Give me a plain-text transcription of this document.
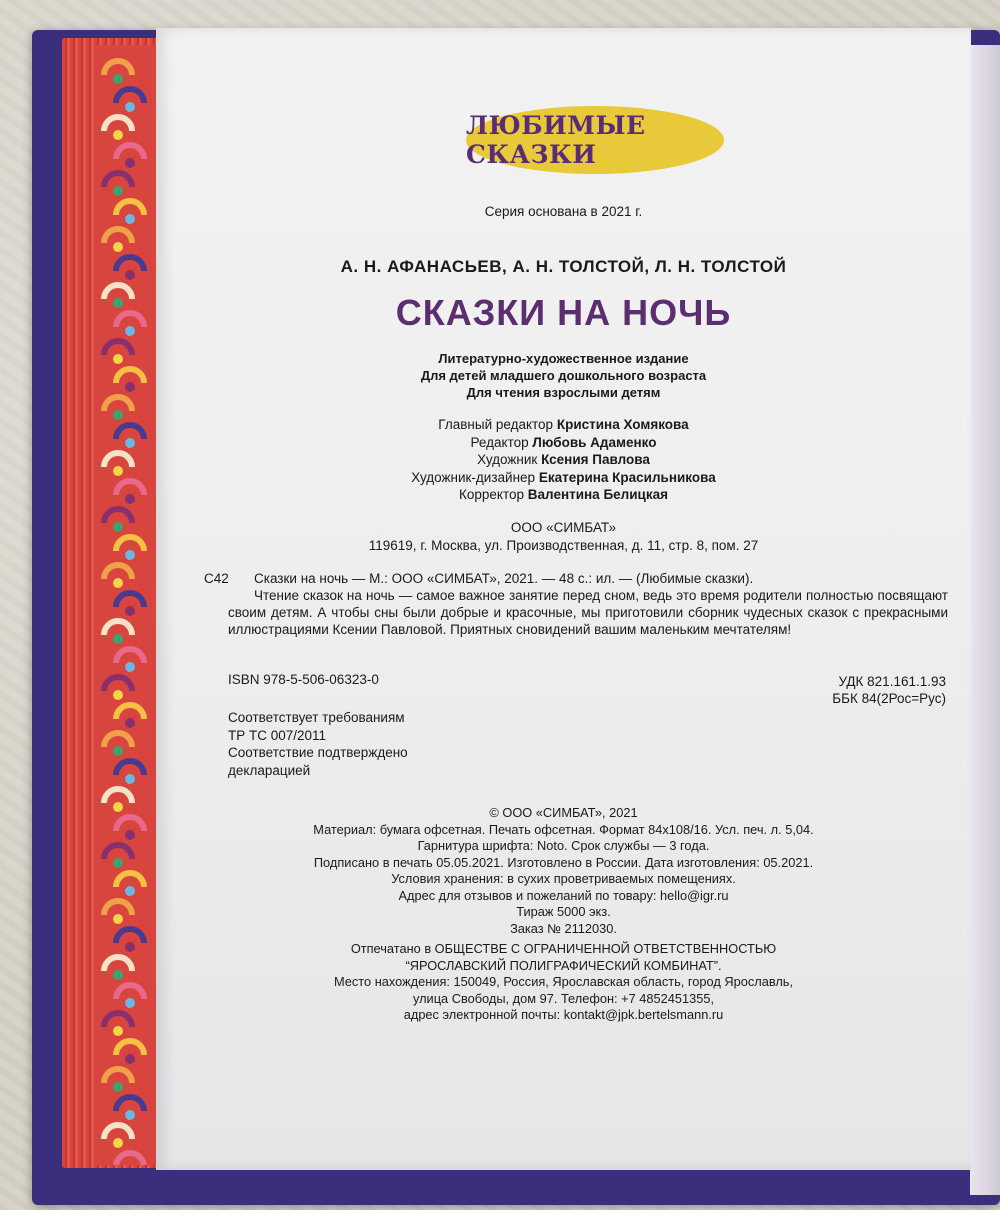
ЛЮБИМЫЕ СКАЗКИ
Серия основана в 2021 г.
А. Н. АФАНАСЬЕВ, А. Н. ТОЛСТОЙ, Л. Н. ТОЛСТОЙ
СКАЗКИ НА НОЧЬ
Литературно-художественное издание
Для детей младшего дошкольного возраста
Для чтения взрослыми детям
Главный редактор Кристина Хомякова
Редактор Любовь Адаменко
Художник Ксения Павлова
Художник-дизайнер Екатерина Красильникова
Корректор Валентина Белицкая
ООО «СИМБАТ»
119619, г. Москва, ул. Производственная, д. 11, стр. 8, пом. 27
С42 Сказки на ночь — М.: ООО «СИМБАТ», 2021. — 48 с.: ил. — (Любимые сказки).
Чтение сказок на ночь — самое важное занятие перед сном, ведь это время родители полностью посвящают своим детям. А чтобы сны были добрые и красочные, мы приготовили сборник чудесных сказок с прекрасными иллюстрациями Ксении Павловой. Приятных сновидений вашим маленьким мечтателям!
ISBN 978-5-506-06323-0	УДК 821.161.1.93
ББК 84(2Рос=Рус)
Соответствует требованиям
ТР ТС 007/2011
Соответствие подтверждено
декларацией
© ООО «СИМБАТ», 2021
Материал: бумага офсетная. Печать офсетная. Формат 84x108/16. Усл. печ. л. 5,04.
Гарнитура шрифта: Noto. Срок службы — 3 года.
Подписано в печать 05.05.2021. Изготовлено в России. Дата изготовления: 05.2021.
Условия хранения: в сухих проветриваемых помещениях.
Адрес для отзывов и пожеланий по товару: hello@igr.ru
Тираж 5000 экз.
Заказ № 2112030.
Отпечатано в ОБЩЕСТВЕ С ОГРАНИЧЕННОЙ ОТВЕТСТВЕННОСТЬЮ
“ЯРОСЛАВСКИЙ ПОЛИГРАФИЧЕСКИЙ КОМБИНАТ”.
Место нахождения: 150049, Россия, Ярославская область, город Ярославль,
улица Свободы, дом 97. Телефон: +7 4852451355,
адрес электронной почты: kontakt@jpk.bertelsmann.ru
